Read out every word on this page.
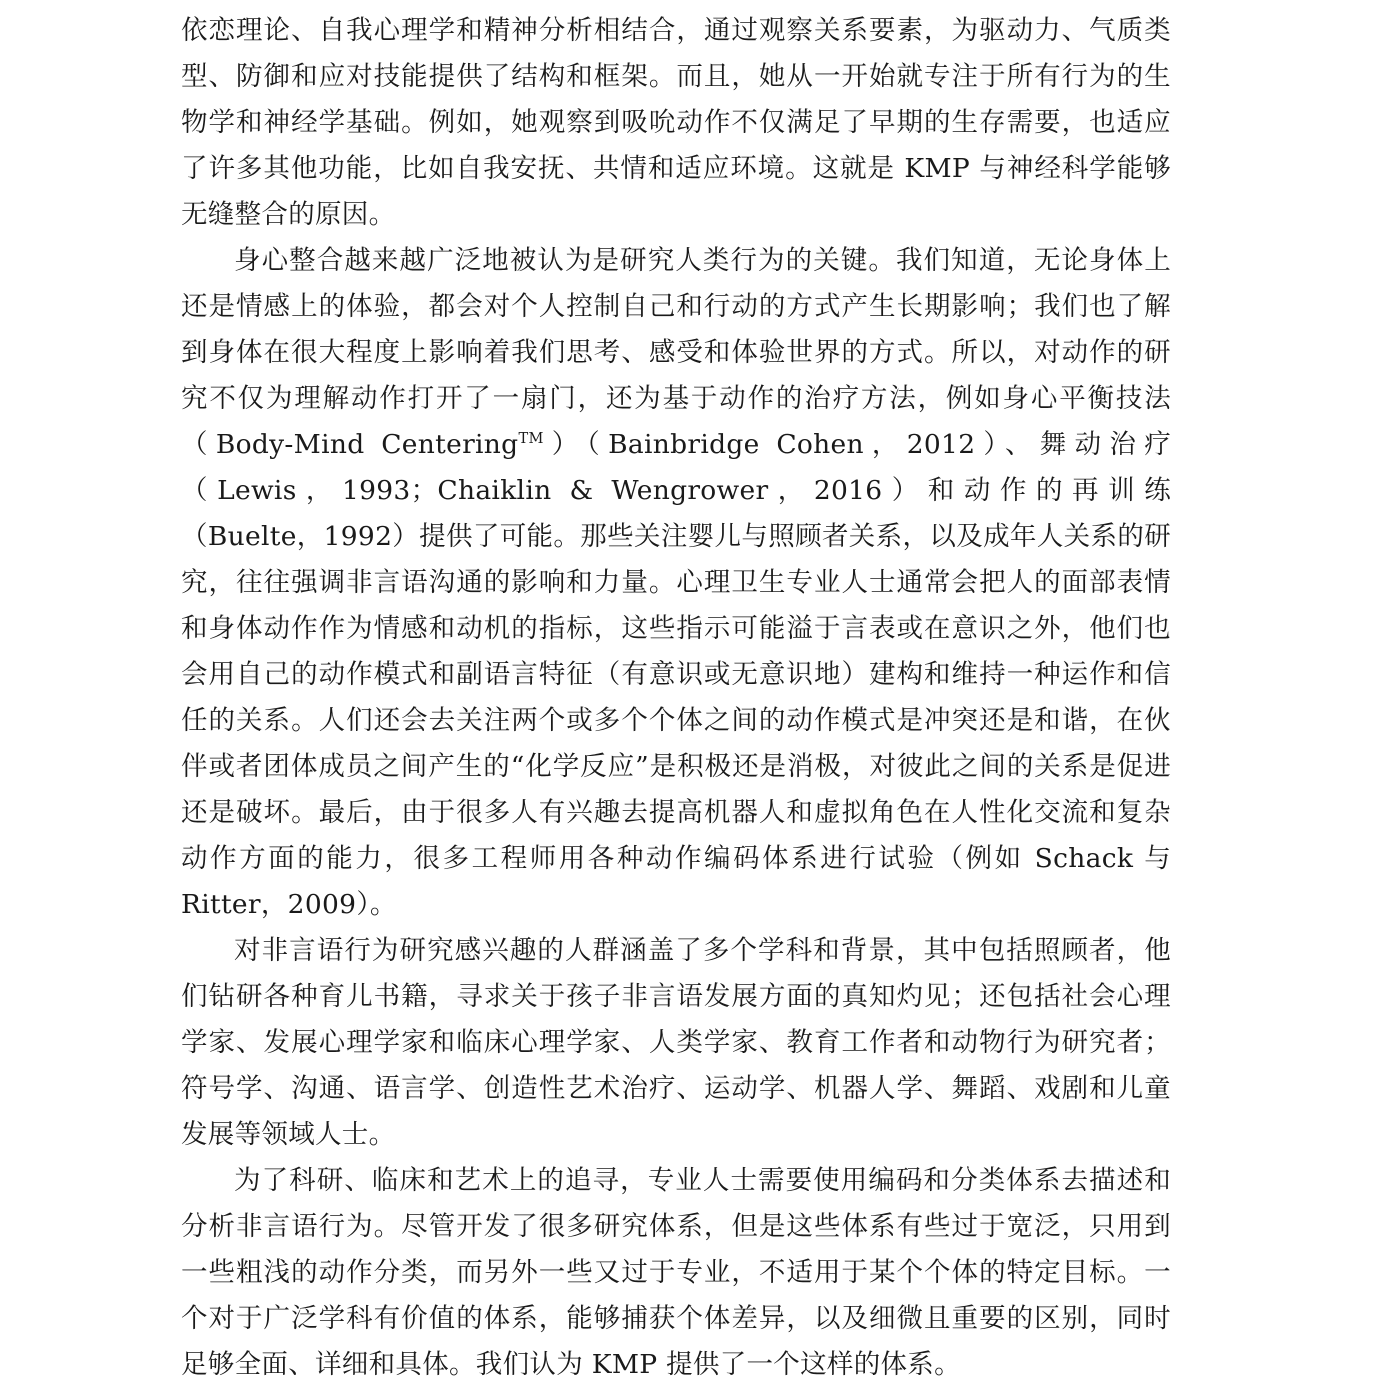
依恋理论、自我心理学和精神分析相结合，通过观察关系要素，为驱动力、气质类型、防御和应对技能提供了结构和框架。而且，她从一开始就专注于所有行为的生物学和神经学基础。例如，她观察到吸吮动作不仅满足了早期的生存需要，也适应了许多其他功能，比如自我安抚、共情和适应环境。这就是 KMP 与神经科学能够无缝整合的原因。

身心整合越来越广泛地被认为是研究人类行为的关键。我们知道，无论身体上还是情感上的体验，都会对个人控制自己和行动的方式产生长期影响；我们也了解到身体在很大程度上影响着我们思考、感受和体验世界的方式。所以，对动作的研究不仅为理解动作打开了一扇门，还为基于动作的治疗方法，例如身心平衡技法（Body-Mind Centering™）（Bainbridge Cohen，2012）、舞动治疗（Lewis，1993；Chaiklin & Wengrower，2016）和动作的再训练（Buelte，1992）提供了可能。那些关注婴儿与照顾者关系，以及成年人关系的研究，往往强调非言语沟通的影响和力量。心理卫生专业人士通常会把人的面部表情和身体动作作为情感和动机的指标，这些指示可能溢于言表或在意识之外，他们也会用自己的动作模式和副语言特征（有意识或无意识地）建构和维持一种运作和信任的关系。人们还会去关注两个或多个个体之间的动作模式是冲突还是和谐，在伙伴或者团体成员之间产生的“化学反应”是积极还是消极，对彼此之间的关系是促进还是破坏。最后，由于很多人有兴趣去提高机器人和虚拟角色在人性化交流和复杂动作方面的能力，很多工程师用各种动作编码体系进行试验（例如 Schack 与 Ritter，2009）。

对非言语行为研究感兴趣的人群涵盖了多个学科和背景，其中包括照顾者，他们钻研各种育儿书籍，寻求关于孩子非言语发展方面的真知灼见；还包括社会心理学家、发展心理学家和临床心理学家、人类学家、教育工作者和动物行为研究者；符号学、沟通、语言学、创造性艺术治疗、运动学、机器人学、舞蹈、戏剧和儿童发展等领域人士。

为了科研、临床和艺术上的追寻，专业人士需要使用编码和分类体系去描述和分析非言语行为。尽管开发了很多研究体系，但是这些体系有些过于宽泛，只用到一些粗浅的动作分类，而另外一些又过于专业，不适用于某个个体的特定目标。一个对于广泛学科有价值的体系，能够捕获个体差异，以及细微且重要的区别，同时足够全面、详细和具体。我们认为 KMP 提供了一个这样的体系。
